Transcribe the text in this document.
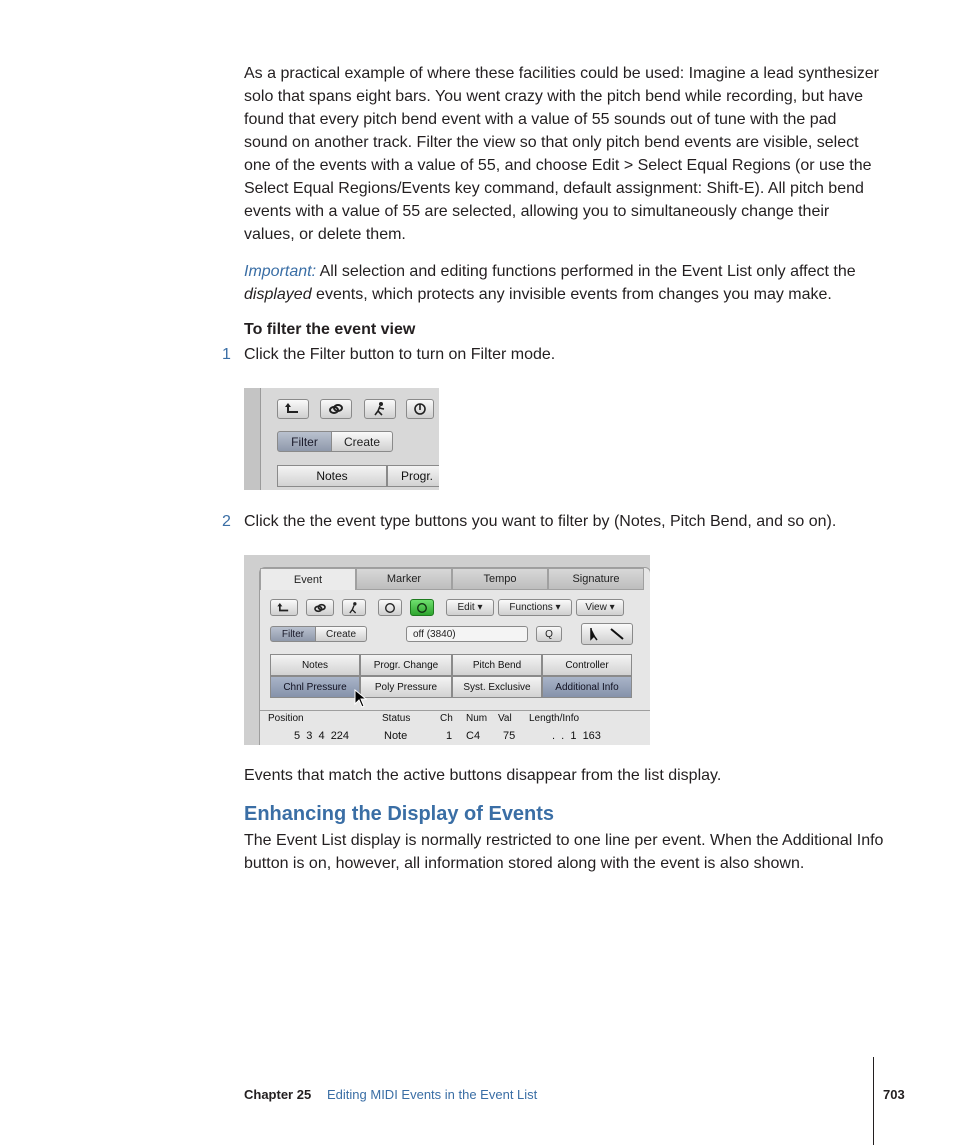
As a practical example of where these facilities could be used: Imagine a lead synthesizer solo that spans eight bars. You went crazy with the pitch bend while recording, but have found that every pitch bend event with a value of 55 sounds out of tune with the pad sound on another track. Filter the view so that only pitch bend events are visible, select one of the events with a value of 55, and choose Edit > Select Equal Regions (or use the Select Equal Regions/Events key command, default assignment: Shift-E). All pitch bend events with a value of 55 are selected, allowing you to simultaneously change their values, or delete them.

Important: All selection and editing functions performed in the Event List only affect the displayed events, which protects any invisible events from changes you may make.

To filter the event view

1 Click the Filter button to turn on Filter mode.
Filter	Create
Notes	Progr.
2 Click the the event type buttons you want to filter by (Notes, Pitch Bend, and so on).
Event	Marker	Tempo	Signature
Edit ▾	Functions ▾	View ▾
Filter	Create	off (3840)	Q
Notes	Progr. Change	Pitch Bend	Controller
Chnl Pressure	Poly Pressure	Syst. Exclusive	Additional Info
Position	Status	Ch Num Val Length/Info
5  3  4  224	Note	1 C4 75	.  .  1  163

Events that match the active buttons disappear from the list display.

Enhancing the Display of Events

The Event List display is normally restricted to one line per event. When the Additional Info button is on, however, all information stored along with the event is also shown.

Chapter 25 Editing MIDI Events in the Event List	703
